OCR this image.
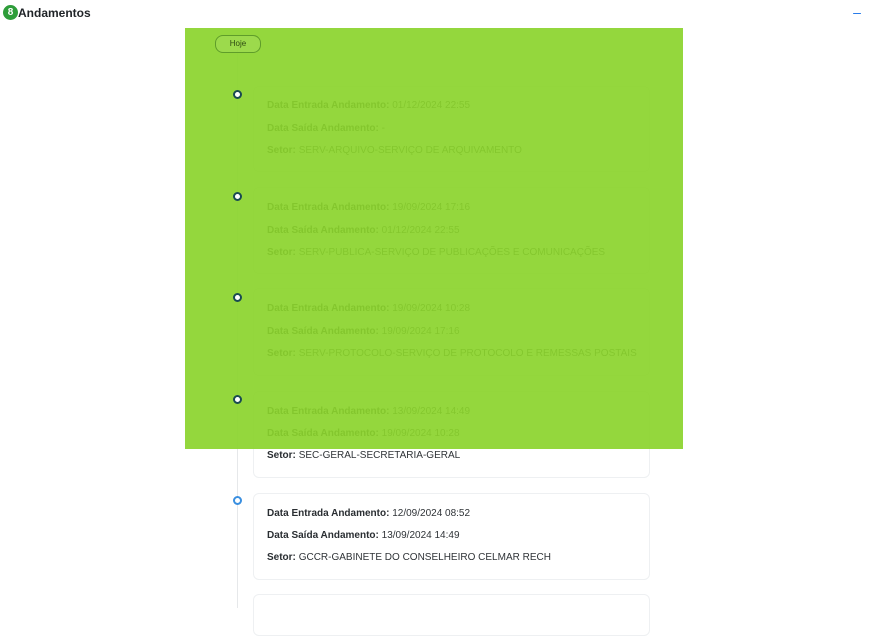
8 Andamentos	–
Hoje
Setor: SEC-GERAL-SECRETARIA-GERAL
Data Entrada Andamento: 12/09/2024 08:52
Data Saída Andamento: 13/09/2024 14:49
Setor: GCCR-GABINETE DO CONSELHEIRO CELMAR RECH
